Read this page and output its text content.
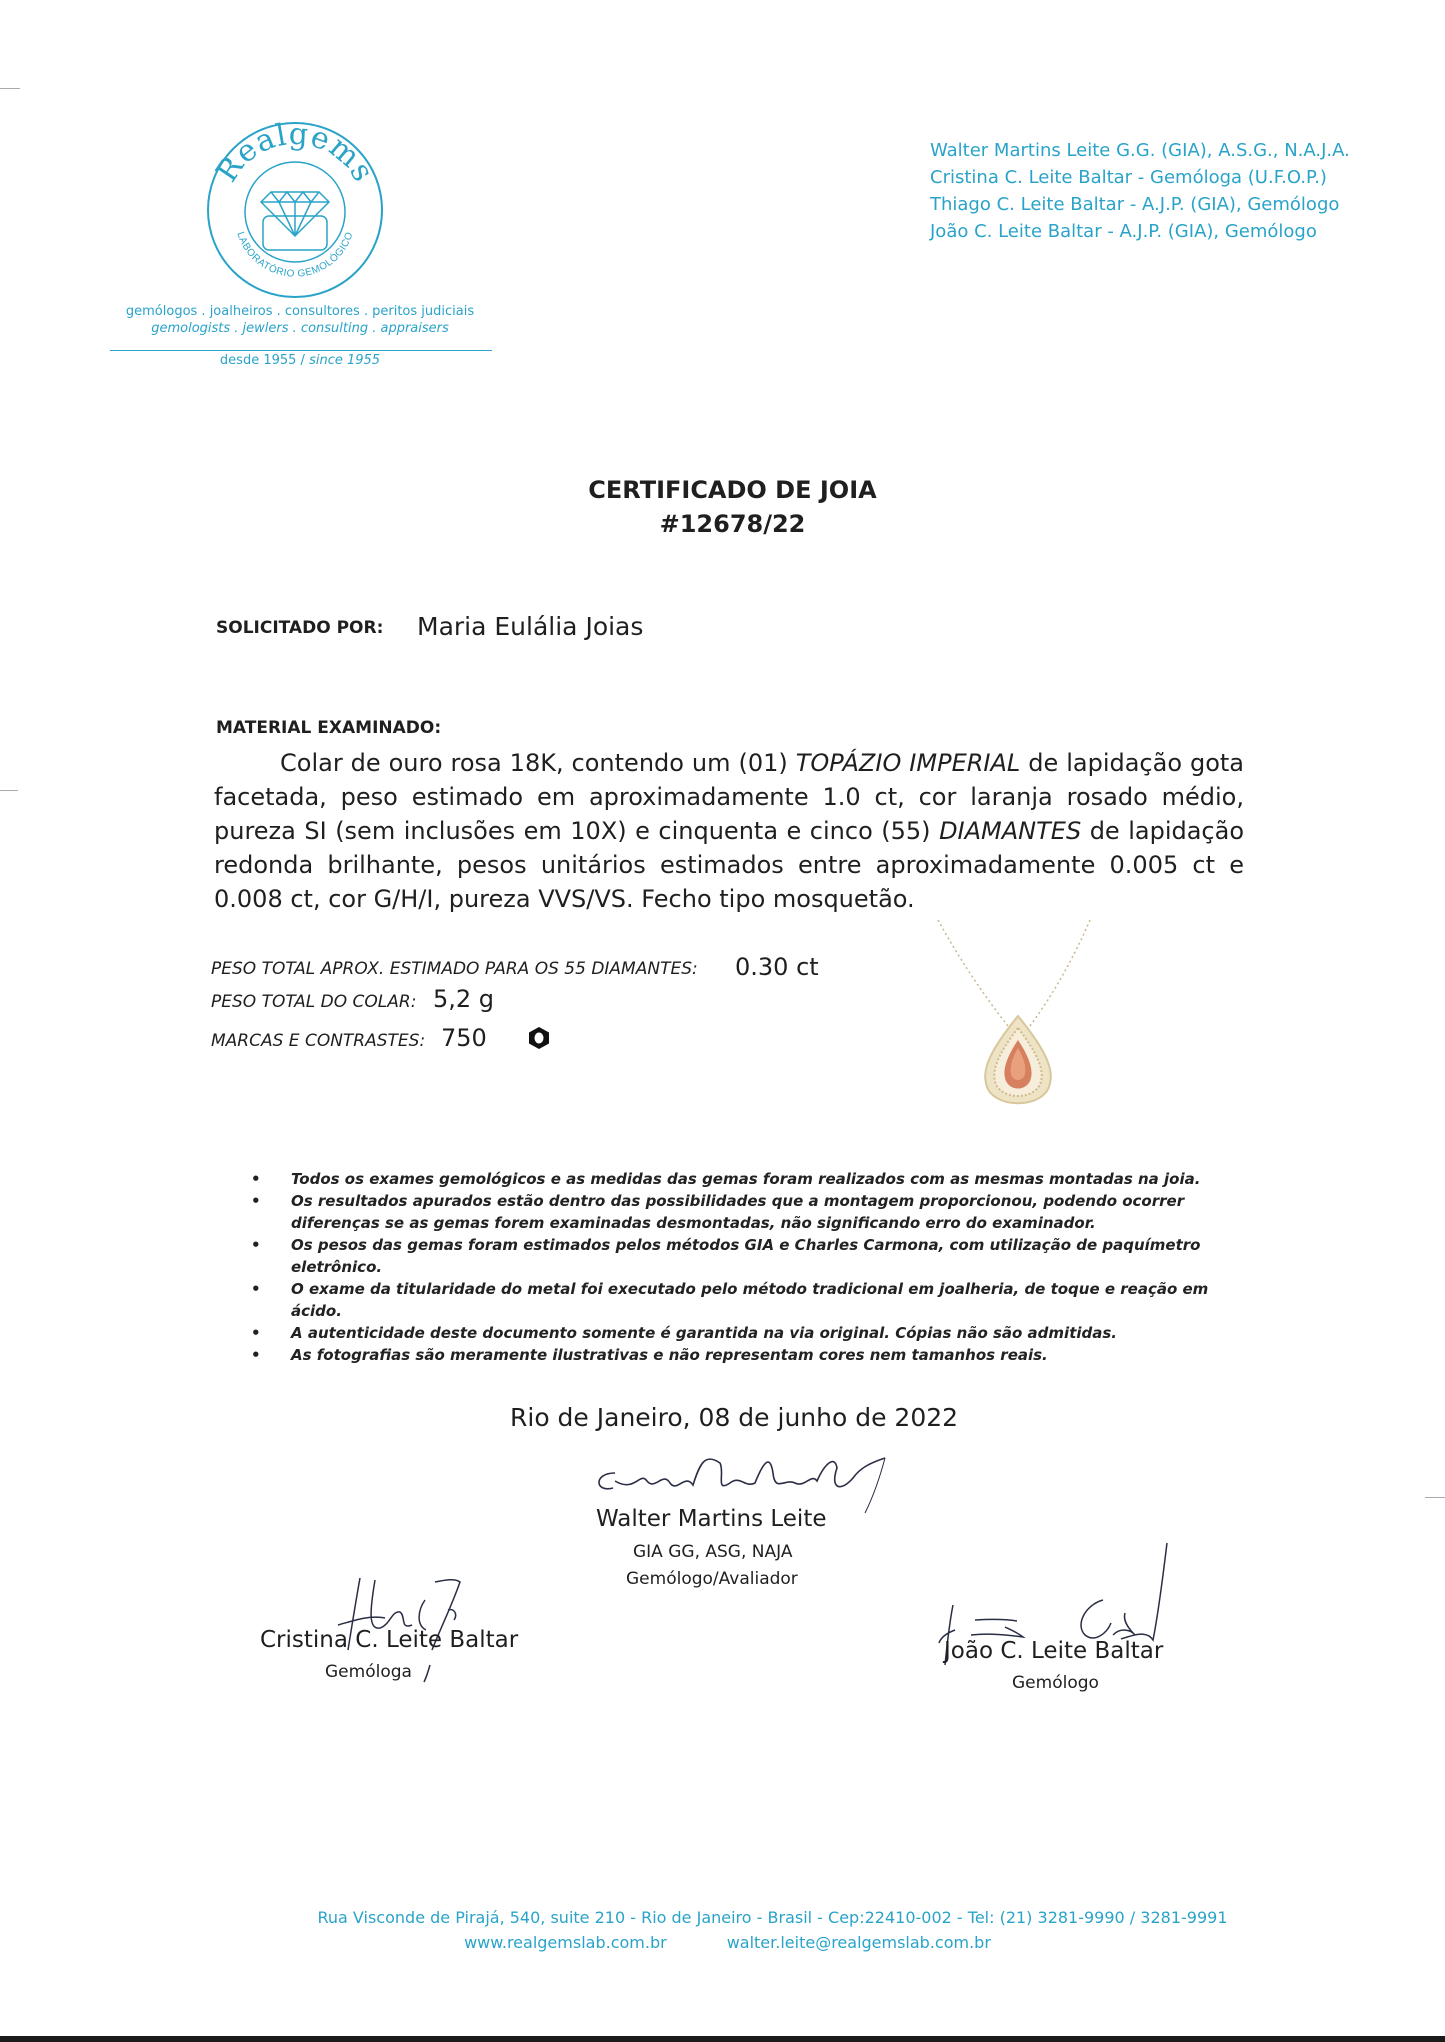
Realgems
LABORATÓRIO GEMOLÓGICO
gemólogos . joalheiros . consultores . peritos judiciais
gemologists . jewlers . consulting . appraisers
desde 1955 / since 1955
Walter Martins Leite G.G. (GIA), A.S.G., N.A.J.A.
Cristina C. Leite Baltar - Gemóloga (U.F.O.P.)
Thiago C. Leite Baltar - A.J.P. (GIA), Gemólogo
João C. Leite Baltar - A.J.P. (GIA), Gemólogo
CERTIFICADO DE JOIA
#12678/22
SOLICITADO POR: Maria Eulália Joias
MATERIAL EXAMINADO:
Colar de ouro rosa 18K, contendo um (01) TOPÁZIO IMPERIAL de lapidação gota facetada, peso estimado em aproximadamente 1.0 ct, cor laranja rosado médio, pureza SI (sem inclusões em 10X) e cinquenta e cinco (55) DIAMANTES de lapidação redonda brilhante, pesos unitários estimados entre aproximadamente 0.005 ct e 0.008 ct, cor G/H/I, pureza VVS/VS. Fecho tipo mosquetão.
PESO TOTAL APROX. ESTIMADO PARA OS 55 DIAMANTES: 0.30 ct
PESO TOTAL DO COLAR: 5,2 g
MARCAS E CONTRASTES: 750
• Todos os exames gemológicos e as medidas das gemas foram realizados com as mesmas montadas na joia.
• Os resultados apurados estão dentro das possibilidades que a montagem proporcionou, podendo ocorrer diferenças se as gemas forem examinadas desmontadas, não significando erro do examinador.
• Os pesos das gemas foram estimados pelos métodos GIA e Charles Carmona, com utilização de paquímetro eletrônico.
• O exame da titularidade do metal foi executado pelo método tradicional em joalheria, de toque e reação em ácido.
• A autenticidade deste documento somente é garantida na via original. Cópias não são admitidas.
• As fotografias são meramente ilustrativas e não representam cores nem tamanhos reais.
Rio de Janeiro, 08 de junho de 2022
Walter Martins Leite
GIA GG, ASG, NAJA
Gemólogo/Avaliador
Cristina C. Leite Baltar
Gemóloga
João C. Leite Baltar
Gemólogo
Rua Visconde de Pirajá, 540, suite 210 - Rio de Janeiro - Brasil - Cep:22410-002 - Tel: (21) 3281-9990 / 3281-9991
www.realgemslab.com.br	walter.leite@realgemslab.com.br
